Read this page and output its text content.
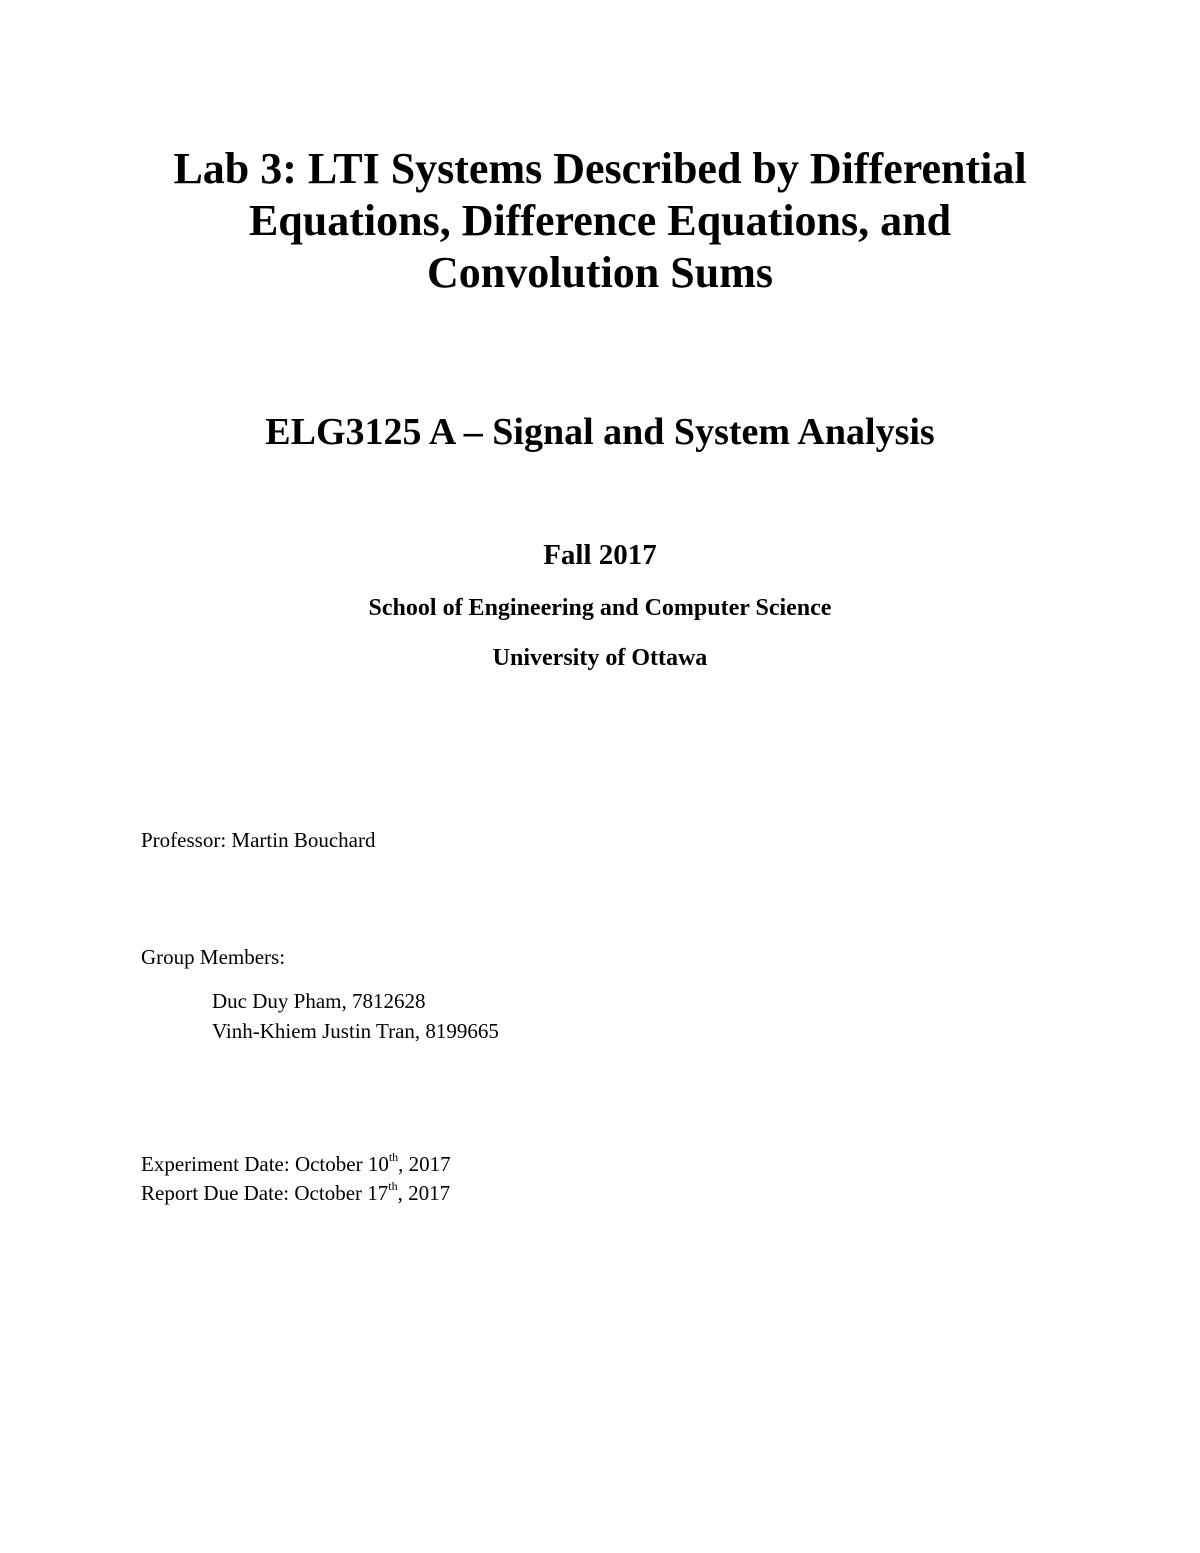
Lab 3: LTI Systems Described by Differential
Equations, Difference Equations, and
Convolution Sums
ELG3125 A – Signal and System Analysis
Fall 2017
School of Engineering and Computer Science
University of Ottawa
Professor: Martin Bouchard
Group Members:
Duc Duy Pham, 7812628
Vinh-Khiem Justin Tran, 8199665
Experiment Date: October 10th, 2017
Report Due Date: October 17th, 2017
